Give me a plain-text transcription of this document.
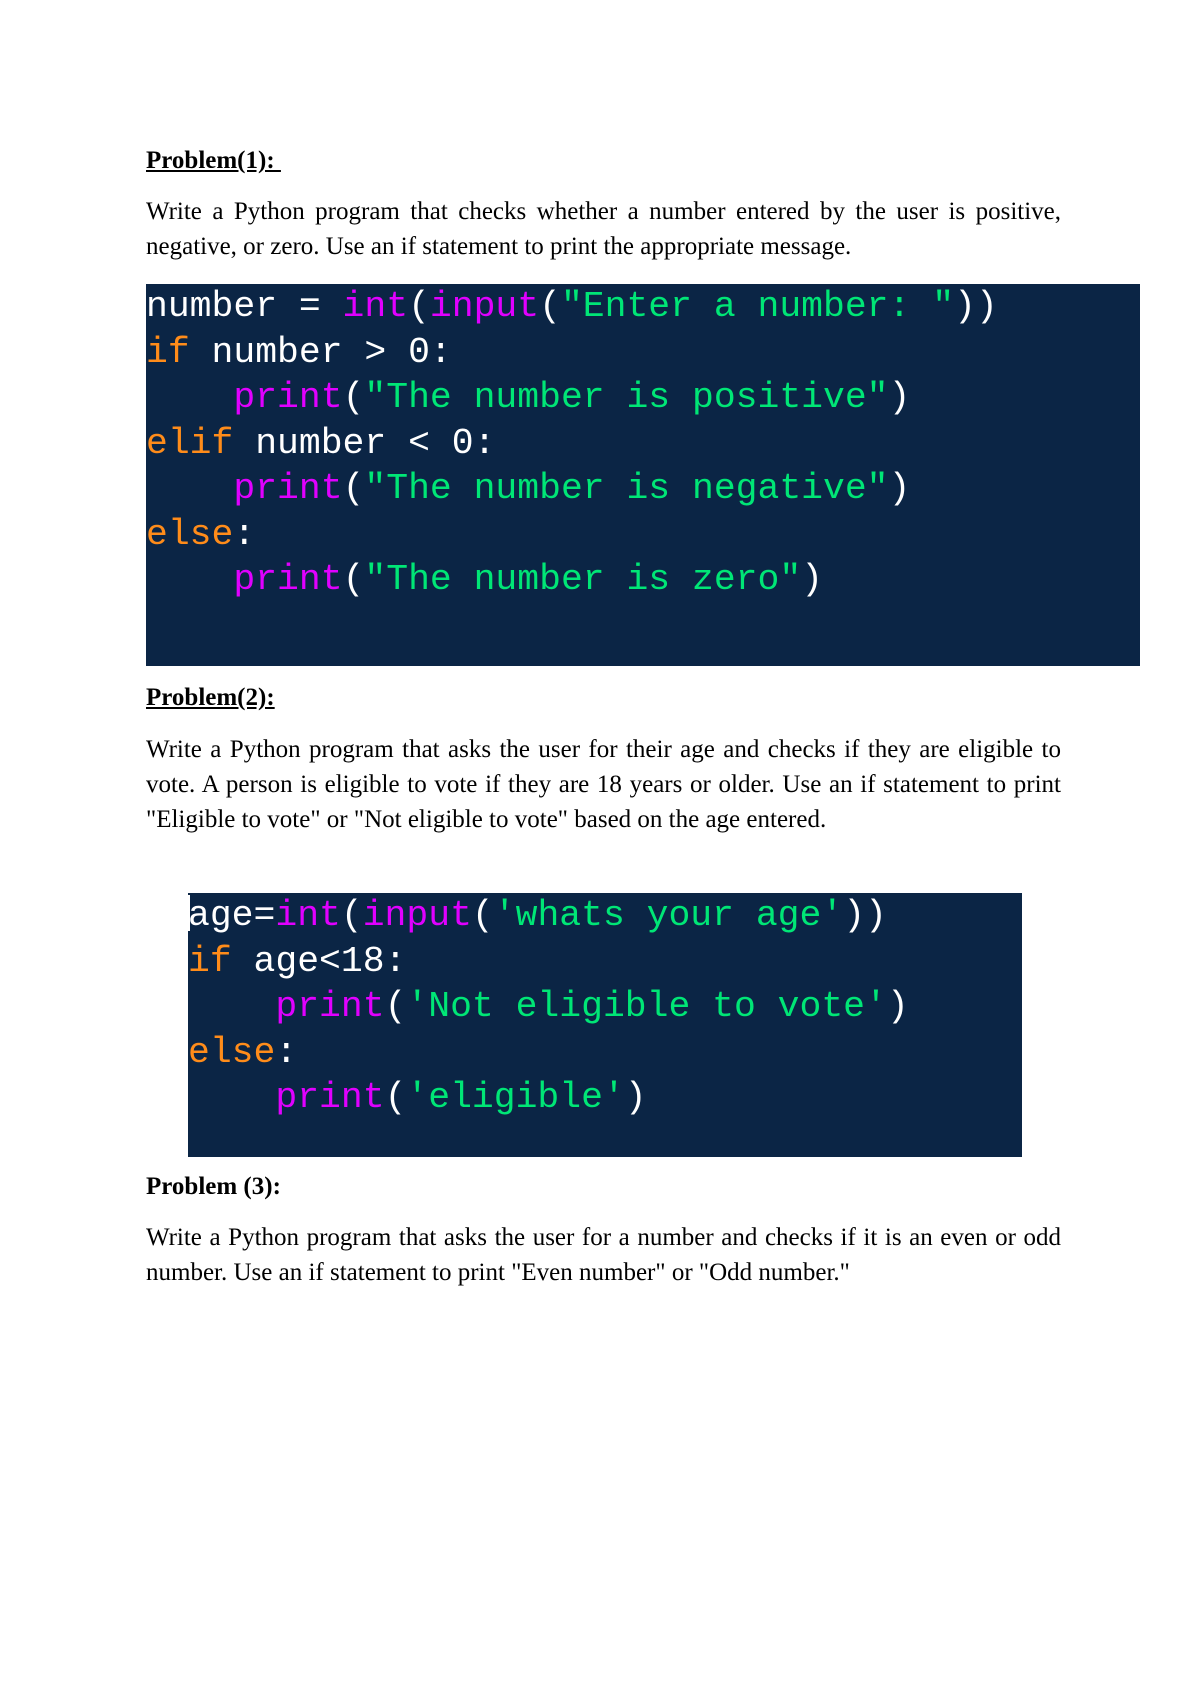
Problem(1):

Write a Python program that checks whether a number entered by the user is positive, negative, or zero. Use an if statement to print the appropriate message.

number = int(input("Enter a number: "))
if number > 0:
print("The number is positive")
elif number < 0:
print("The number is negative")
else:
print("The number is zero")

Problem(2):

Write a Python program that asks the user for their age and checks if they are eligible to vote. A person is eligible to vote if they are 18 years or older. Use an if statement to print "Eligible to vote" or "Not eligible to vote" based on the age entered.

age=int(input('whats your age'))
if age<18:
print('Not eligible to vote')
else:
print('eligible')

Problem (3):

Write a Python program that asks the user for a number and checks if it is an even or odd number. Use an if statement to print "Even number" or "Odd number."
